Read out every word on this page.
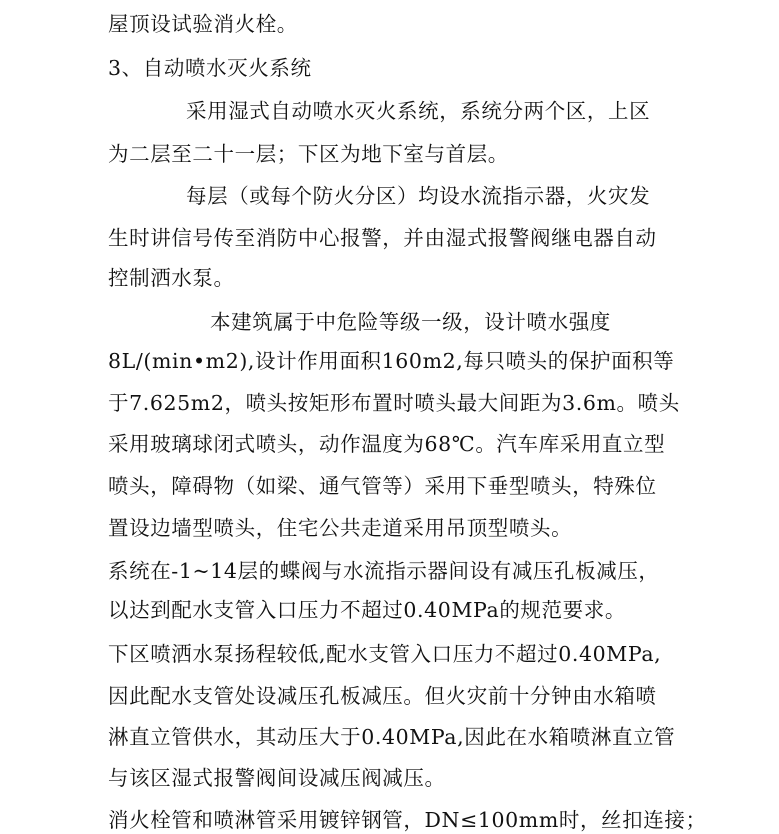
屋顶设试验消火栓。
3、自动喷水灭火系统
采用湿式自动喷水灭火系统，系统分两个区，上区
为二层至二十一层；下区为地下室与首层。
每层（或每个防火分区）均设水流指示器，火灾发
生时讲信号传至消防中心报警，并由湿式报警阀继电器自动
控制洒水泵。
本建筑属于中危险等级一级，设计喷水强度
8L/(min•m2),设计作用面积160m2,每只喷头的保护面积等
于7.625m2，喷头按矩形布置时喷头最大间距为3.6m。喷头
采用玻璃球闭式喷头，动作温度为68℃。汽车库采用直立型
喷头，障碍物（如梁、通气管等）采用下垂型喷头，特殊位
置设边墙型喷头，住宅公共走道采用吊顶型喷头。
系统在-1~14层的蝶阀与水流指示器间设有减压孔板减压，
以达到配水支管入口压力不超过0.40MPa的规范要求。
下区喷洒水泵扬程较低,配水支管入口压力不超过0.40MPa,
因此配水支管处设减压孔板减压。但火灾前十分钟由水箱喷
淋直立管供水，其动压大于0.40MPa,因此在水箱喷淋直立管
与该区湿式报警阀间设减压阀减压。
消火栓管和喷淋管采用镀锌钢管，DN≤100mm时，丝扣连接；
